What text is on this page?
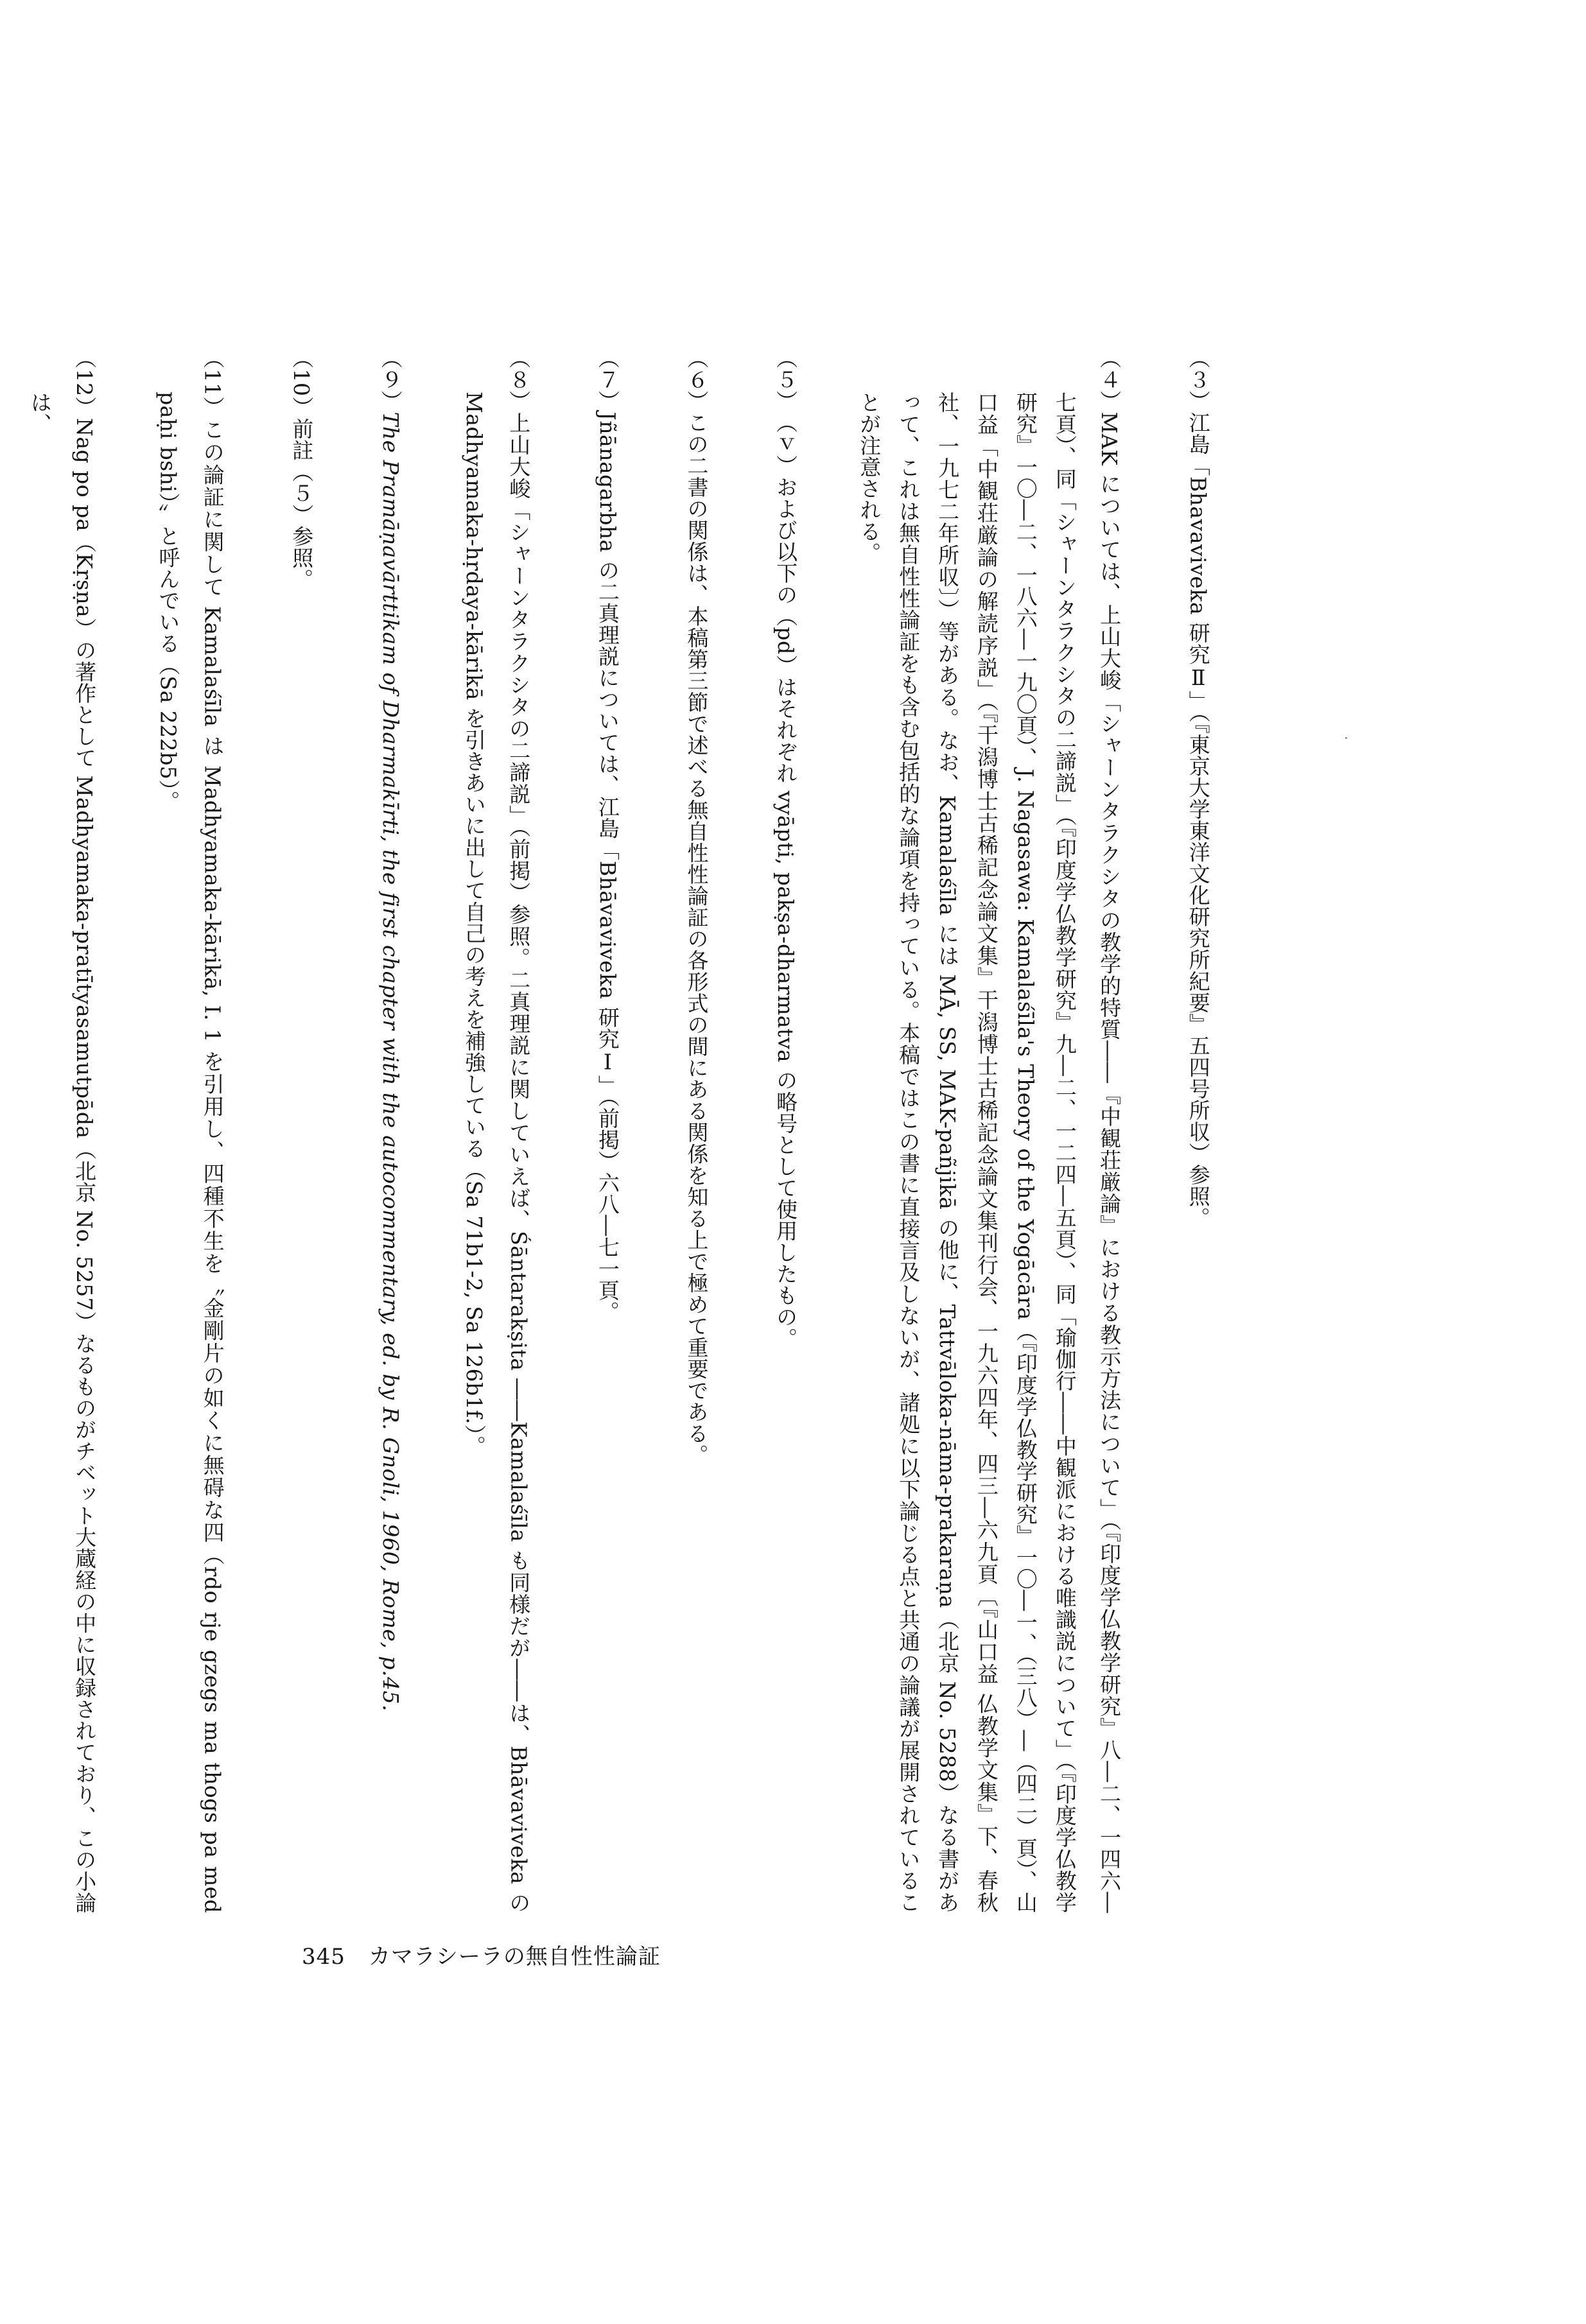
（３）江島「Bhavaviveka 研究Ⅱ」（『東京大学東洋文化研究所紀要』五四号所収）参照。

（４）MAK については、上山大峻「シャーンタラクシタの教学的特質――『中観荘厳論』における教示方法について」（『印度学仏教学研究』八―二、一四六―七頁）、同「シャーンタラクシタの二諦説」（『印度学仏教学研究』九―二、一二四―五頁）、同「瑜伽行――中観派における唯識説について」（『印度学仏教学研究』一〇―二、一八六―一九〇頁）、J. Nagasawa: Kamalaśīla's Theory of the Yogācāra（『印度学仏教学研究』一〇―一、（三八）―（四二）頁）、山口益「中観荘厳論の解読序説」（『干潟博士古稀記念論文集』干潟博士古稀記念論文集刊行会、一九六四年、四三―六九頁〔『山口益 仏教学文集』下、春秋社、一九七二年所収〕）等がある。なお、Kamalaśīla には MĀ, SS, MAK-pañjikā の他に、Tattvāloka-nāma-prakaraṇa（北京 No. 5288）なる書があって、これは無自性性論証をも含む包括的な論項を持っている。本稿ではこの書に直接言及しないが、諸処に以下論じる点と共通の論議が展開されていることが注意される。

（５）（ｖ）および以下の（pd）はそれぞれ vyāpti, pakṣa-dharmatva の略号として使用したもの。

（６）この二書の関係は、本稿第三節で述べる無自性性論証の各形式の間にある関係を知る上で極めて重要である。

（７）Jñānagarbha の二真理説については、江島「Bhāvaviveka 研究Ⅰ」（前掲）六八―七一頁。

（８）上山大峻「シャーンタラクシタの二諦説」（前掲）参照。二真理説に関していえば、Śāntarakṣita ――Kamalaśīla も同様だが――は、Bhāvaviveka の Madhyamaka-hṛdaya-kārikā を引きあいに出して自己の考えを補強している（Sa 71b1-2, Sa 126b1f.）。

（９）The Pramāṇavārttikam of Dharmakīrti, the first chapter with the autocommentary, ed. by R. Gnoli, 1960, Rome, p.45.

（10）前註（５）参照。

（11）この論証に関して Kamalaśīla は Madhyamaka-kārikā, I. 1 を引用し、四種不生を〝金剛片の如くに無碍な四（rdo rje gzegs ma thogs pa med paḥi bshi）〟と呼んでいる（Sa 222b5）。

（12）Nag po pa（Kṛṣṇa）の著作として Madhyamaka-pratītyasamutpāda（北京 No. 5257）なるものがチベット大蔵経の中に収録されており、この小論は、

345 カマラシーラの無自性性論証
